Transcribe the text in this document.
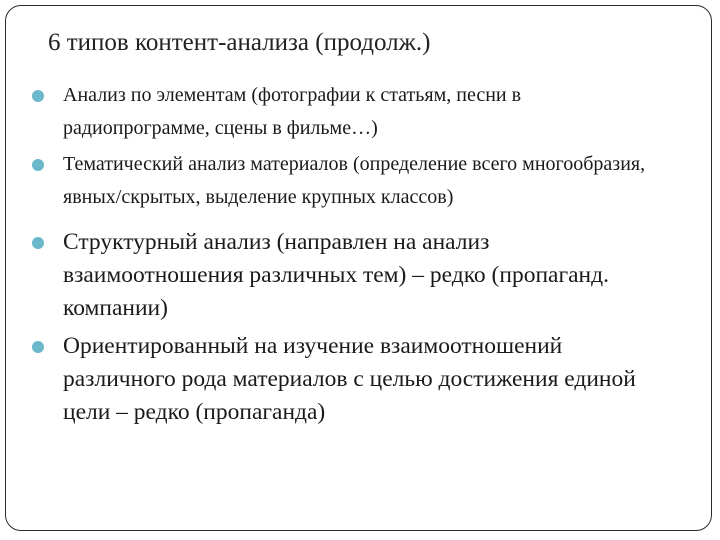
6 типов контент-анализа (продолж.)
Анализ по элементам (фотографии к статьям, песни в радиопрограмме, сцены в фильме…)
Тематический анализ материалов (определение всего многообразия, явных/скрытых, выделение крупных классов)
Структурный анализ (направлен на анализ взаимоотношения различных тем) – редко (пропаганд. компании)
Ориентированный на изучение взаимоотношений различного рода материалов с целью достижения единой цели – редко (пропаганда)
